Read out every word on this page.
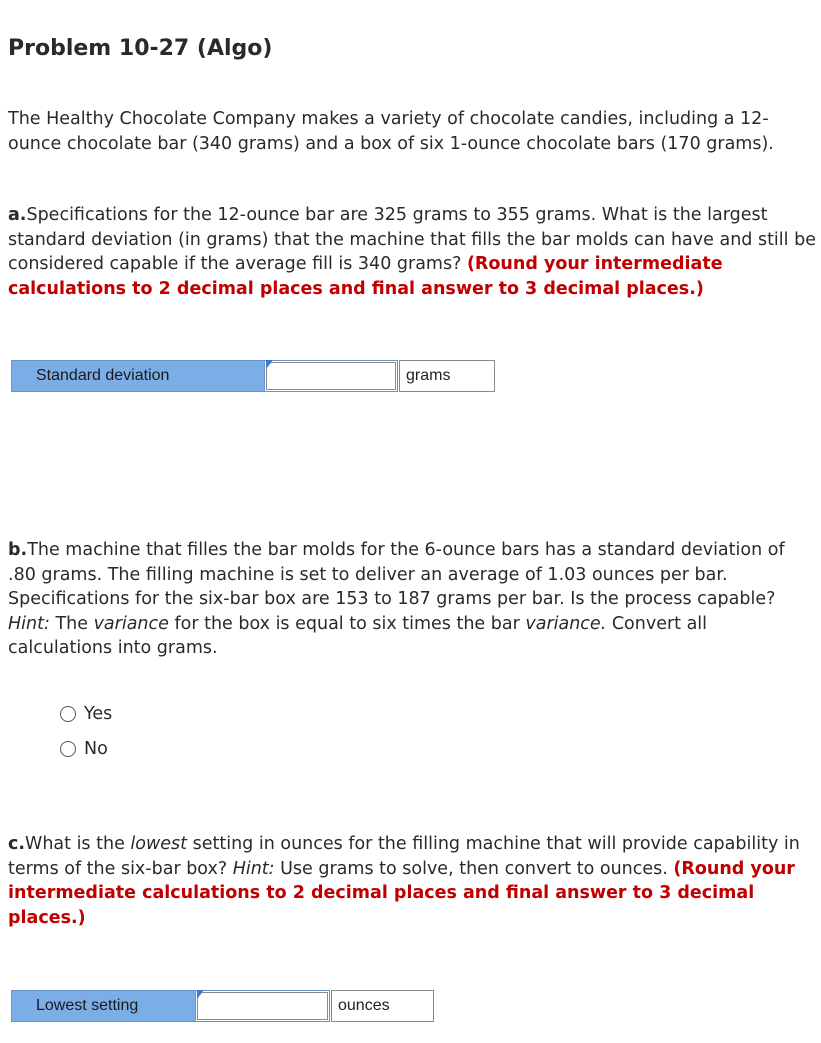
Problem 10-27 (Algo)

The Healthy Chocolate Company makes a variety of chocolate candies, including a 12-ounce chocolate bar (340 grams) and a box of six 1-ounce chocolate bars (170 grams).

a.Specifications for the 12-ounce bar are 325 grams to 355 grams. What is the largest standard deviation (in grams) that the machine that fills the bar molds can have and still be considered capable if the average fill is 340 grams? (Round your intermediate calculations to 2 decimal places and final answer to 3 decimal places.)

Standard deviation	grams

b.The machine that filles the bar molds for the 6-ounce bars has a standard deviation of .80 grams. The filling machine is set to deliver an average of 1.03 ounces per bar. Specifications for the six-bar box are 153 to 187 grams per bar. Is the process capable? Hint: The variance for the box is equal to six times the bar variance. Convert all calculations into grams.

Yes
No

c.What is the lowest setting in ounces for the filling machine that will provide capability in terms of the six-bar box? Hint: Use grams to solve, then convert to ounces. (Round your intermediate calculations to 2 decimal places and final answer to 3 decimal places.)

Lowest setting	ounces
